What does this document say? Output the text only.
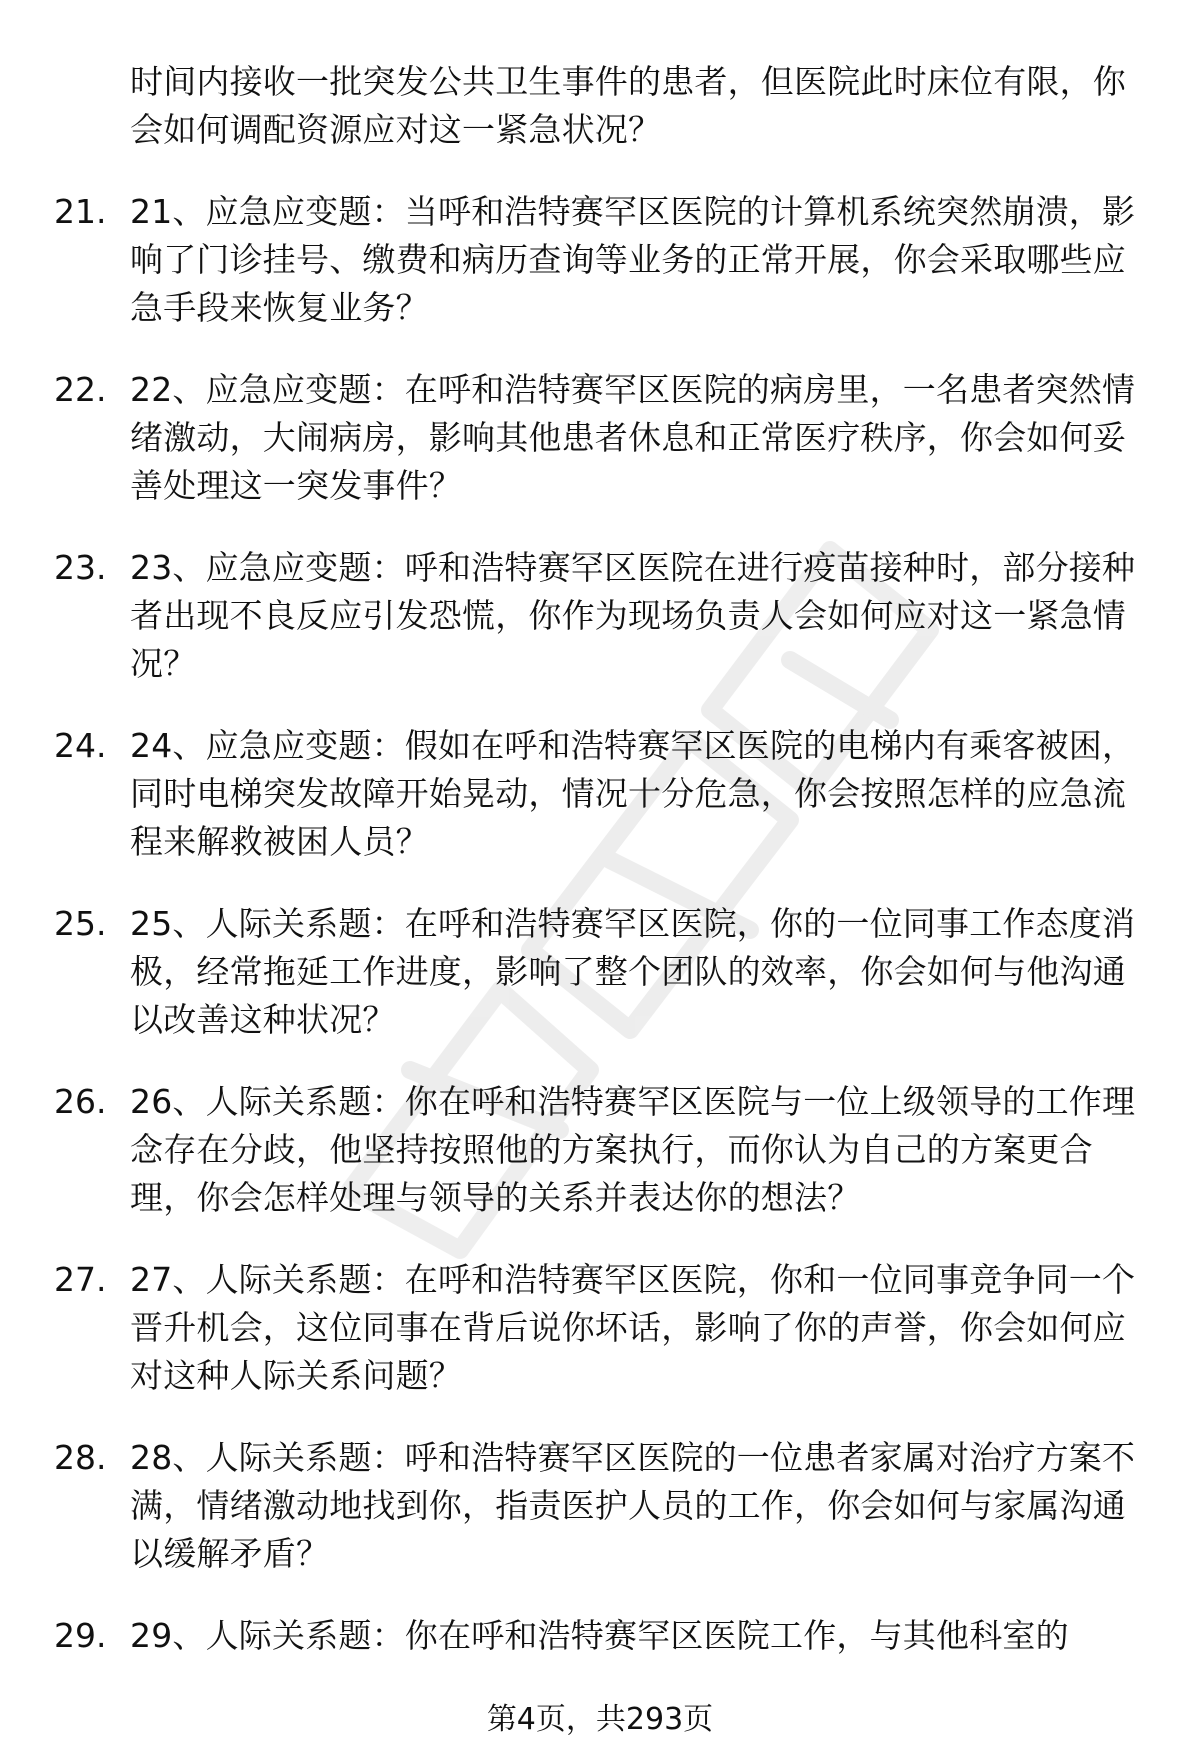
时间内接收一批突发公共卫生事件的患者，但医院此时床位有限，你会如何调配资源应对这一紧急状况？
21. 21、应急应变题：当呼和浩特赛罕区医院的计算机系统突然崩溃，影响了门诊挂号、缴费和病历查询等业务的正常开展，你会采取哪些应急手段来恢复业务？
22. 22、应急应变题：在呼和浩特赛罕区医院的病房里，一名患者突然情绪激动，大闹病房，影响其他患者休息和正常医疗秩序，你会如何妥善处理这一突发事件？
23. 23、应急应变题：呼和浩特赛罕区医院在进行疫苗接种时，部分接种者出现不良反应引发恐慌，你作为现场负责人会如何应对这一紧急情况？
24. 24、应急应变题：假如在呼和浩特赛罕区医院的电梯内有乘客被困，同时电梯突发故障开始晃动，情况十分危急，你会按照怎样的应急流程来解救被困人员？
25. 25、人际关系题：在呼和浩特赛罕区医院，你的一位同事工作态度消极，经常拖延工作进度，影响了整个团队的效率，你会如何与他沟通以改善这种状况？
26. 26、人际关系题：你在呼和浩特赛罕区医院与一位上级领导的工作理念存在分歧，他坚持按照他的方案执行，而你认为自己的方案更合理，你会怎样处理与领导的关系并表达你的想法？
27. 27、人际关系题：在呼和浩特赛罕区医院，你和一位同事竞争同一个晋升机会，这位同事在背后说你坏话，影响了你的声誉，你会如何应对这种人际关系问题？
28. 28、人际关系题：呼和浩特赛罕区医院的一位患者家属对治疗方案不满，情绪激动地找到你，指责医护人员的工作，你会如何与家属沟通以缓解矛盾？
29. 29、人际关系题：你在呼和浩特赛罕区医院工作，与其他科室的
第4页，共293页
